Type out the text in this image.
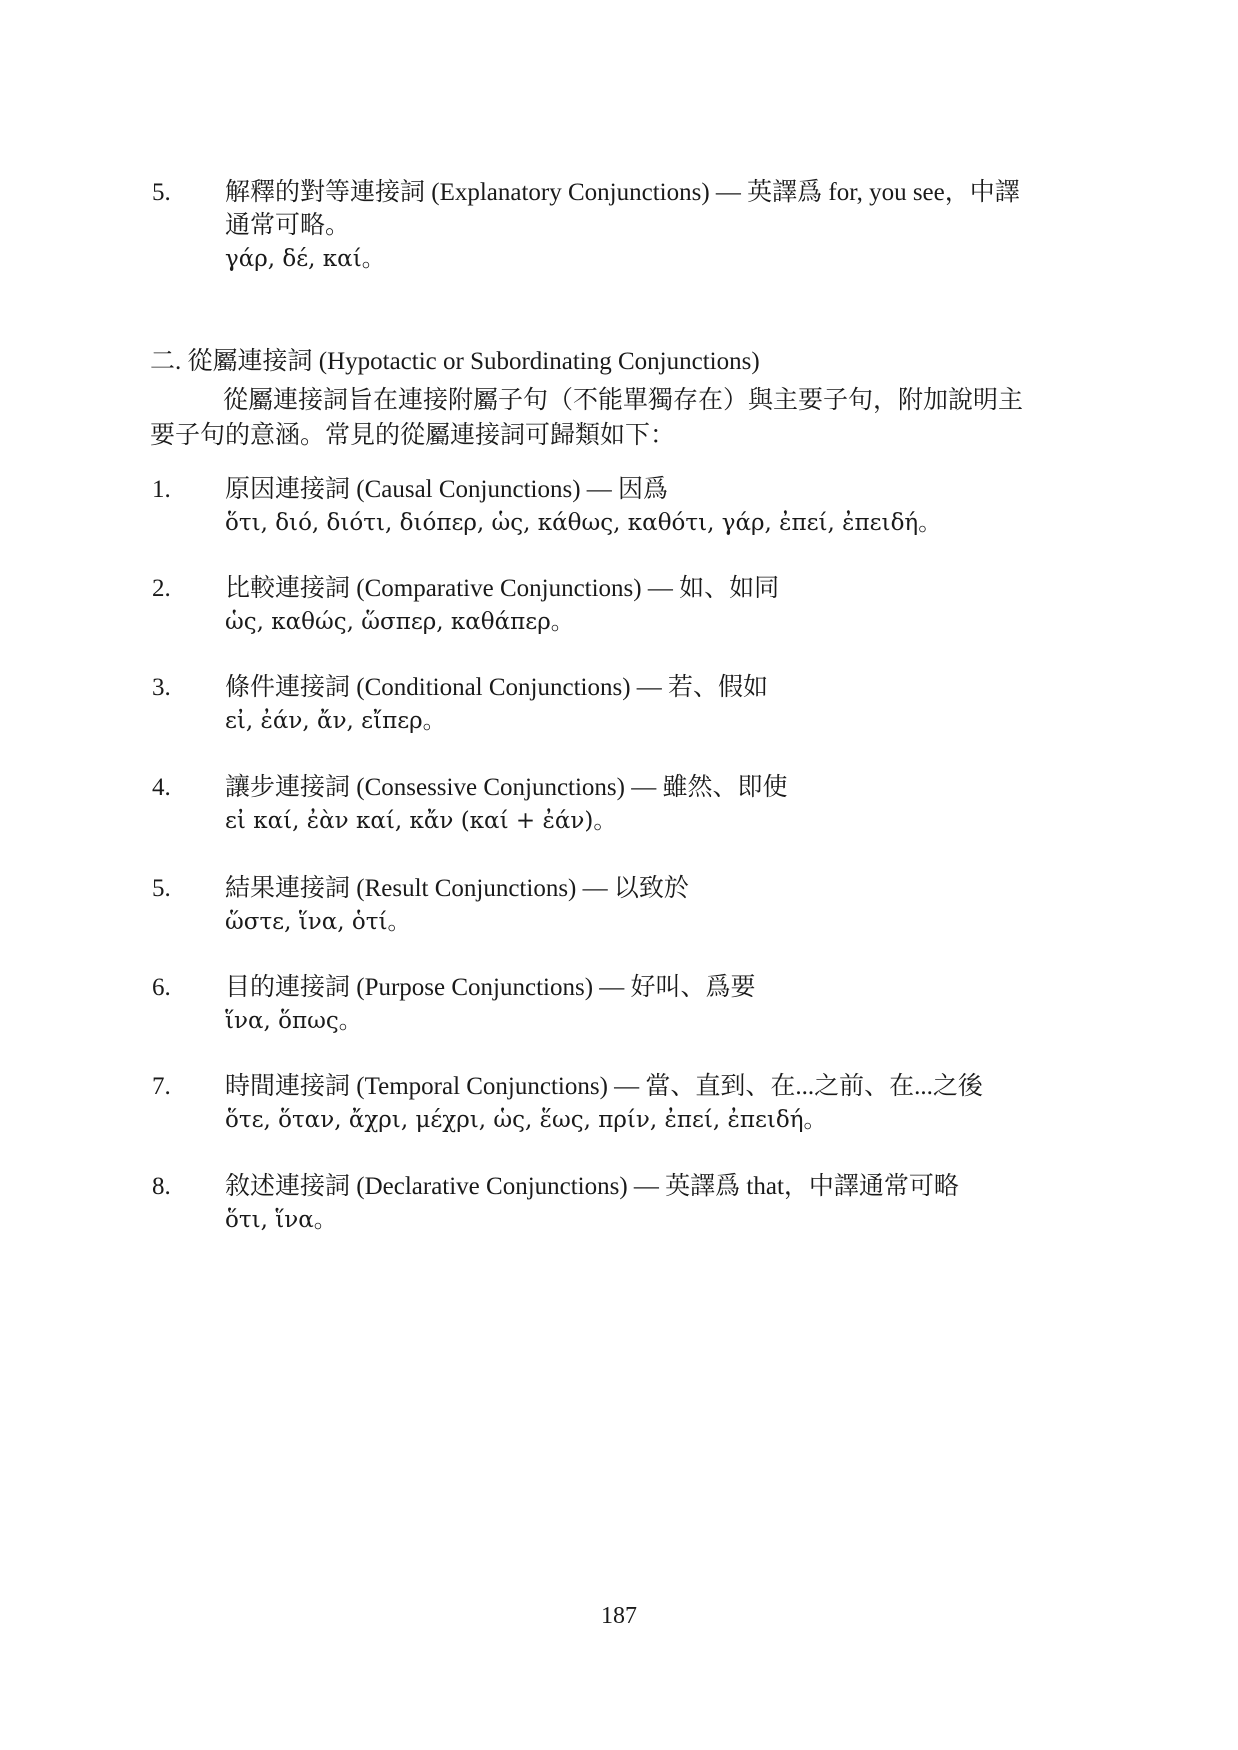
5. 解釋的對等連接詞 (Explanatory Conjunctions) — 英譯爲 for, you see，中譯
通常可略。
γάρ, δέ, καί。
二. 從屬連接詞 (Hypotactic or Subordinating Conjunctions)
從屬連接詞旨在連接附屬子句（不能單獨存在）與主要子句，附加說明主
要子句的意涵。常見的從屬連接詞可歸類如下：
1. 原因連接詞 (Causal Conjunctions) — 因爲
ὅτι, διό, διότι, διόπερ, ὡς, κάθως, καθότι, γάρ, ἐπεί, ἐπειδή。
2. 比較連接詞 (Comparative Conjunctions) — 如、如同
ὡς, καθώς, ὥσπερ, καθάπερ。
3. 條件連接詞 (Conditional Conjunctions) — 若、假如
εἰ, ἐάν, ἄν, εἴπερ。
4. 讓步連接詞 (Consessive Conjunctions) — 雖然、即使
εἰ καί, ἐὰν καί, κἄν (καί + ἐάν)。
5. 結果連接詞 (Result Conjunctions) — 以致於
ὥστε, ἵνα, ὁτί。
6. 目的連接詞 (Purpose Conjunctions) — 好叫、爲要
ἵνα, ὅπως。
7. 時間連接詞 (Temporal Conjunctions) — 當、直到、在...之前、在...之後
ὅτε, ὅταν, ἄχρι, μέχρι, ὡς, ἕως, πρίν, ἐπεί, ἐπειδή。
8. 敘述連接詞 (Declarative Conjunctions) — 英譯爲 that，中譯通常可略
ὅτι, ἵνα。
187
